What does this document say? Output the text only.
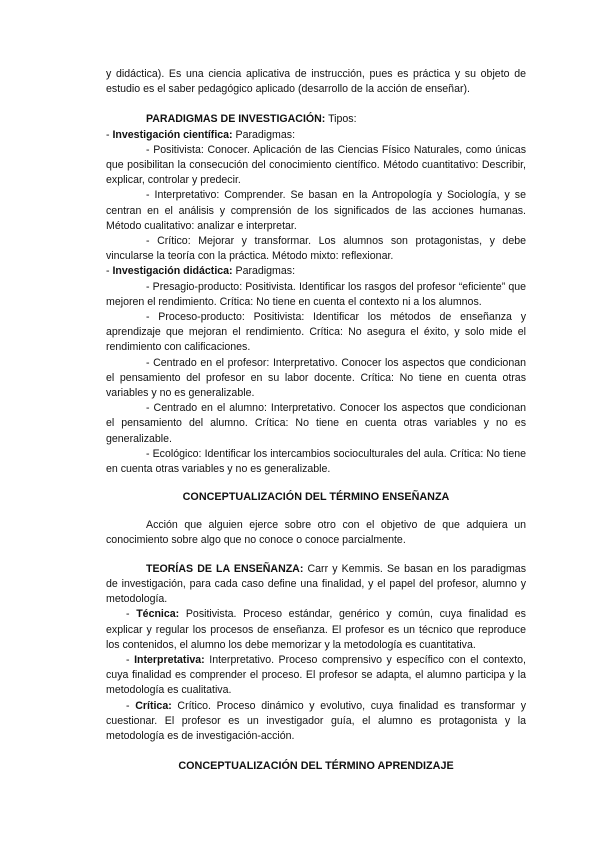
y didáctica). Es una ciencia aplicativa de instrucción, pues es práctica y su objeto de estudio es el saber pedagógico aplicado (desarrollo de la acción de enseñar).

PARADIGMAS DE INVESTIGACIÓN: Tipos:

- Investigación científica: Paradigmas:

- Positivista: Conocer. Aplicación de las Ciencias Físico Naturales, como únicas que posibilitan la consecución del conocimiento científico. Método cuantitativo: Describir, explicar, controlar y predecir.

- Interpretativo: Comprender. Se basan en la Antropología y Sociología, y se centran en el análisis y comprensión de los significados de las acciones humanas. Método cualitativo: analizar e interpretar.

- Crítico: Mejorar y transformar. Los alumnos son protagonistas, y debe vincularse la teoría con la práctica. Método mixto: reflexionar.

- Investigación didáctica: Paradigmas:

- Presagio-producto: Positivista. Identificar los rasgos del profesor “eficiente” que mejoren el rendimiento. Crítica: No tiene en cuenta el contexto ni a los alumnos.

- Proceso-producto: Positivista: Identificar los métodos de enseñanza y aprendizaje que mejoran el rendimiento. Crítica: No asegura el éxito, y solo mide el rendimiento con calificaciones.

- Centrado en el profesor: Interpretativo. Conocer los aspectos que condicionan el pensamiento del profesor en su labor docente. Crítica: No tiene en cuenta otras variables y no es generalizable.

- Centrado en el alumno: Interpretativo. Conocer los aspectos que condicionan el pensamiento del alumno. Crítica: No tiene en cuenta otras variables y no es generalizable.

- Ecológico: Identificar los intercambios socioculturales del aula. Crítica: No tiene en cuenta otras variables y no es generalizable.

CONCEPTUALIZACIÓN DEL TÉRMINO ENSEÑANZA

Acción que alguien ejerce sobre otro con el objetivo de que adquiera un conocimiento sobre algo que no conoce o conoce parcialmente.

TEORÍAS DE LA ENSEÑANZA: Carr y Kemmis. Se basan en los paradigmas de investigación, para cada caso define una finalidad, y el papel del profesor, alumno y metodología.

- Técnica: Positivista. Proceso estándar, genérico y común, cuya finalidad es explicar y regular los procesos de enseñanza. El profesor es un técnico que reproduce los contenidos, el alumno los debe memorizar y la metodología es cuantitativa.

- Interpretativa: Interpretativo. Proceso comprensivo y específico con el contexto, cuya finalidad es comprender el proceso. El profesor se adapta, el alumno participa y la metodología es cualitativa.

- Crítica: Crítico. Proceso dinámico y evolutivo, cuya finalidad es transformar y cuestionar. El profesor es un investigador guía, el alumno es protagonista y la metodología es de investigación-acción.

CONCEPTUALIZACIÓN DEL TÉRMINO APRENDIZAJE
